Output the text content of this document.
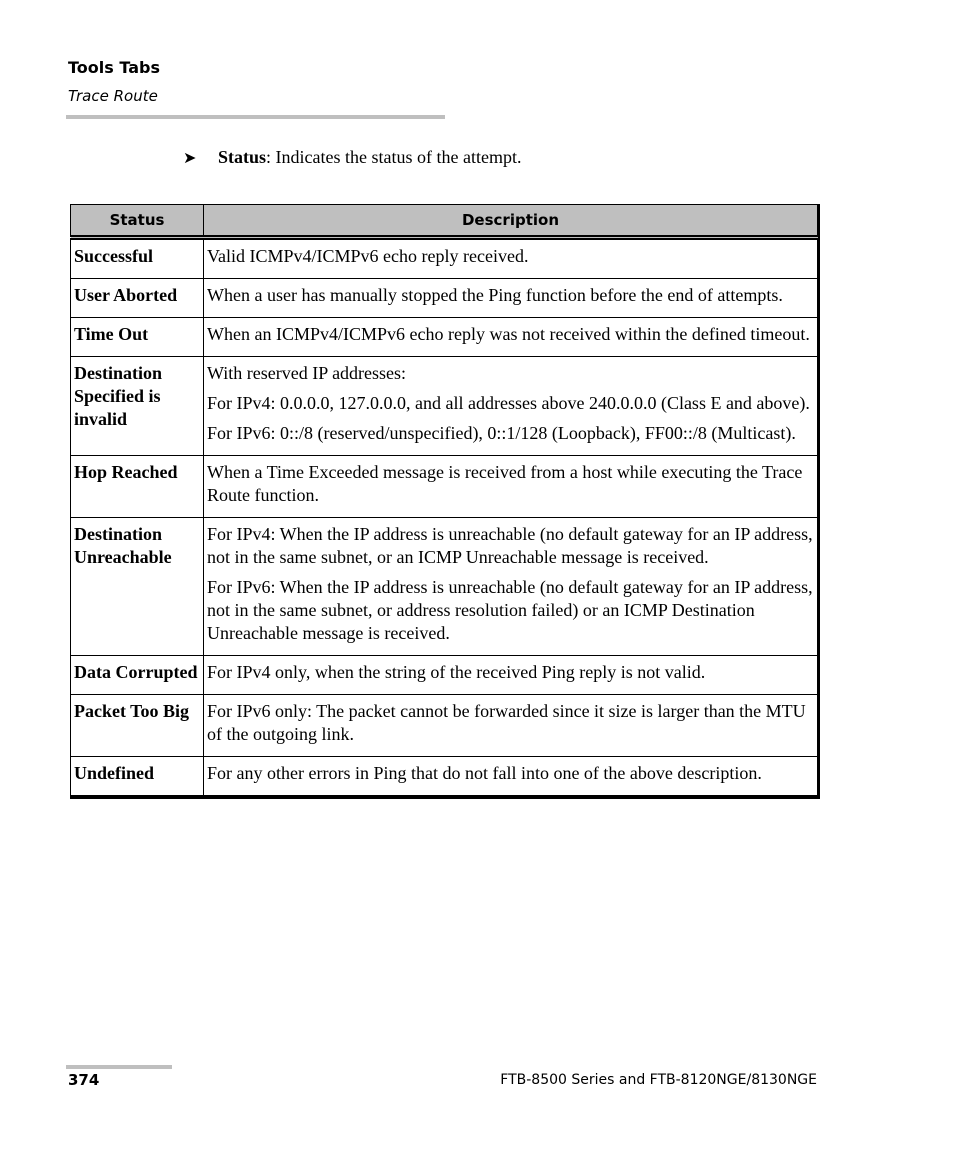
Tools Tabs
Trace Route
➤ Status: Indicates the status of the attempt.
Status	Description
Successful	Valid ICMPv4/ICMPv6 echo reply received.

User Aborted	When a user has manually stopped the Ping function before the end of attempts.

Time Out	When an ICMPv4/ICMPv6 echo reply was not received within the defined timeout.

Destination Specified is invalid	With reserved IP addresses:

For IPv4: 0.0.0.0, 127.0.0.0, and all addresses above 240.0.0.0 (Class E and above).

For IPv6: 0::/8 (reserved/unspecified), 0::1/128 (Loopback), FF00::/8 (Multicast).

Hop Reached	When a Time Exceeded message is received from a host while executing the Trace Route function.

Destination Unreachable	For IPv4: When the IP address is unreachable (no default gateway for an IP address, not in the same subnet, or an ICMP Unreachable message is received.

For IPv6: When the IP address is unreachable (no default gateway for an IP address, not in the same subnet, or address resolution failed) or an ICMP Destination Unreachable message is received.

Data Corrupted	For IPv4 only, when the string of the received Ping reply is not valid.

Packet Too Big	For IPv6 only: The packet cannot be forwarded since it size is larger than the MTU of the outgoing link.

Undefined	For any other errors in Ping that do not fall into one of the above description.

374	FTB-8500 Series and FTB-8120NGE/8130NGE
